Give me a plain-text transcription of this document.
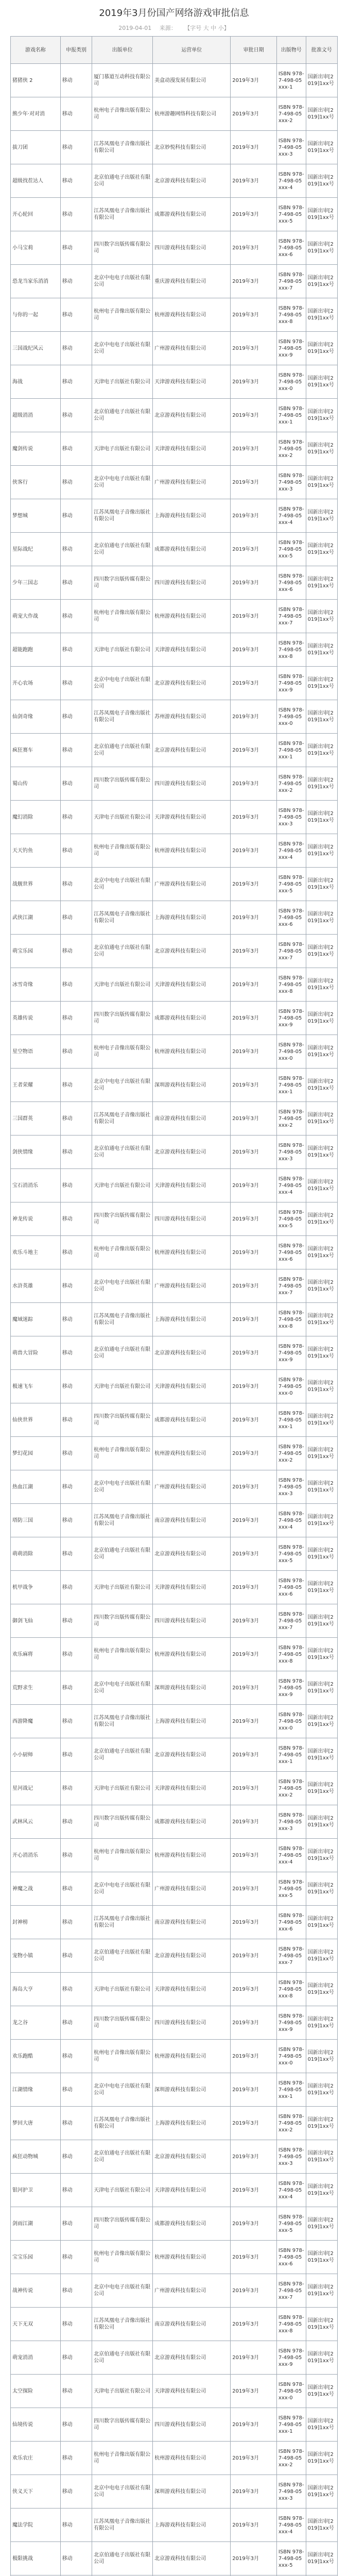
2019年3月份国产网络游戏审批信息
2019-04-01 来源： 【字号 大 中 小】

游戏名称	申报类别	出版单位	运营单位	审批日期	出版物号	批准文号
猪猪侠 2	移动	厦门慕道互动科技有限公司	美盒动漫发展有限公司	2019年3月	ISBN 978-7-498-05xxx-1	国新出审[2019]1xx号
熊少年·对对消	移动	杭州电子音像出版有限公司	杭州游趣网络科技有限公司	2019年3月	ISBN 978-7-498-05xxx-2	国新出审[2019]1xx号
拔刀团	移动	江苏凤凰电子音像出版社有限公司	北京妙悦科技有限公司	2019年3月	ISBN 978-7-498-05xxx-3	国新出审[2019]1xx号
超级找茬达人	移动	北京伯通电子出版社有限公司	北京游戏科技有限公司	2019年3月	ISBN 978-7-498-05xxx-4	国新出审[2019]1xx号
开心轮回	移动	江苏凤凰电子音像出版社有限公司	成都游戏科技有限公司	2019年3月	ISBN 978-7-498-05xxx-5	国新出审[2019]1xx号
小马宝莉	移动	四川数字出版传媒有限公司	四川游戏科技有限公司	2019年3月	ISBN 978-7-498-05xxx-6	国新出审[2019]1xx号
恐龙当家乐消消	移动	北京中电电子出版社有限公司	重庆游戏科技有限公司	2019年3月	ISBN 978-7-498-05xxx-7	国新出审[2019]1xx号
与你的一起	移动	杭州电子音像出版有限公司	杭州游戏科技有限公司	2019年3月	ISBN 978-7-498-05xxx-8	国新出审[2019]1xx号
三国战纪风云	移动	北京中电电子出版社有限公司	广州游戏科技有限公司	2019年3月	ISBN 978-7-498-05xxx-9	国新出审[2019]1xx号
海战	移动	天津电子出版社有限公司	天津游戏科技有限公司	2019年3月	ISBN 978-7-498-05xxx-0	国新出审[2019]1xx号
超级消消	移动	北京伯通电子出版社有限公司	北京游戏科技有限公司	2019年3月	ISBN 978-7-498-05xxx-1	国新出审[2019]1xx号
魔剑传说	移动	天津电子出版社有限公司	天津游戏科技有限公司	2019年3月	ISBN 978-7-498-05xxx-2	国新出审[2019]1xx号
侠客行	移动	北京中电电子出版社有限公司	广州游戏科技有限公司	2019年3月	ISBN 978-7-498-05xxx-3	国新出审[2019]1xx号
梦想城	移动	江苏凤凰电子音像出版社有限公司	上海游戏科技有限公司	2019年3月	ISBN 978-7-498-05xxx-4	国新出审[2019]1xx号
星际战纪	移动	北京伯通电子出版社有限公司	成都游戏科技有限公司	2019年3月	ISBN 978-7-498-05xxx-5	国新出审[2019]1xx号
少年三国志	移动	四川数字出版传媒有限公司	四川游戏科技有限公司	2019年3月	ISBN 978-7-498-05xxx-6	国新出审[2019]1xx号
萌宠大作战	移动	杭州电子音像出版有限公司	杭州游戏科技有限公司	2019年3月	ISBN 978-7-498-05xxx-7	国新出审[2019]1xx号
超能跑跑	移动	天津电子出版社有限公司	天津游戏科技有限公司	2019年3月	ISBN 978-7-498-05xxx-8	国新出审[2019]1xx号
开心农场	移动	北京中电电子出版社有限公司	北京游戏科技有限公司	2019年3月	ISBN 978-7-498-05xxx-9	国新出审[2019]1xx号
仙剑奇缘	移动	江苏凤凰电子音像出版社有限公司	苏州游戏科技有限公司	2019年3月	ISBN 978-7-498-05xxx-0	国新出审[2019]1xx号
疯狂赛车	移动	北京伯通电子出版社有限公司	北京游戏科技有限公司	2019年3月	ISBN 978-7-498-05xxx-1	国新出审[2019]1xx号
蜀山传	移动	四川数字出版传媒有限公司	四川游戏科技有限公司	2019年3月	ISBN 978-7-498-05xxx-2	国新出审[2019]1xx号
魔幻消除	移动	天津电子出版社有限公司	天津游戏科技有限公司	2019年3月	ISBN 978-7-498-05xxx-3	国新出审[2019]1xx号
天天钓鱼	移动	杭州电子音像出版有限公司	杭州游戏科技有限公司	2019年3月	ISBN 978-7-498-05xxx-4	国新出审[2019]1xx号
战舰世界	移动	北京中电电子出版社有限公司	广州游戏科技有限公司	2019年3月	ISBN 978-7-498-05xxx-5	国新出审[2019]1xx号
武侠江湖	移动	江苏凤凰电子音像出版社有限公司	上海游戏科技有限公司	2019年3月	ISBN 978-7-498-05xxx-6	国新出审[2019]1xx号
萌宝乐园	移动	北京伯通电子出版社有限公司	北京游戏科技有限公司	2019年3月	ISBN 978-7-498-05xxx-7	国新出审[2019]1xx号
冰雪奇缘	移动	天津电子出版社有限公司	天津游戏科技有限公司	2019年3月	ISBN 978-7-498-05xxx-8	国新出审[2019]1xx号
英雄传说	移动	四川数字出版传媒有限公司	成都游戏科技有限公司	2019年3月	ISBN 978-7-498-05xxx-9	国新出审[2019]1xx号
星空物语	移动	杭州电子音像出版有限公司	杭州游戏科技有限公司	2019年3月	ISBN 978-7-498-05xxx-0	国新出审[2019]1xx号
王者荣耀	移动	北京中电电子出版社有限公司	深圳游戏科技有限公司	2019年3月	ISBN 978-7-498-05xxx-1	国新出审[2019]1xx号
三国群英	移动	江苏凤凰电子音像出版社有限公司	南京游戏科技有限公司	2019年3月	ISBN 978-7-498-05xxx-2	国新出审[2019]1xx号
剑侠情缘	移动	北京伯通电子出版社有限公司	北京游戏科技有限公司	2019年3月	ISBN 978-7-498-05xxx-3	国新出审[2019]1xx号
宝石消消乐	移动	天津电子出版社有限公司	天津游戏科技有限公司	2019年3月	ISBN 978-7-498-05xxx-4	国新出审[2019]1xx号
神龙传说	移动	四川数字出版传媒有限公司	四川游戏科技有限公司	2019年3月	ISBN 978-7-498-05xxx-5	国新出审[2019]1xx号
欢乐斗地主	移动	杭州电子音像出版有限公司	杭州游戏科技有限公司	2019年3月	ISBN 978-7-498-05xxx-6	国新出审[2019]1xx号
水浒英雄	移动	北京中电电子出版社有限公司	广州游戏科技有限公司	2019年3月	ISBN 978-7-498-05xxx-7	国新出审[2019]1xx号
魔域迷踪	移动	江苏凤凰电子音像出版社有限公司	上海游戏科技有限公司	2019年3月	ISBN 978-7-498-05xxx-8	国新出审[2019]1xx号
萌兽大冒险	移动	北京伯通电子出版社有限公司	北京游戏科技有限公司	2019年3月	ISBN 978-7-498-05xxx-9	国新出审[2019]1xx号
极速飞车	移动	天津电子出版社有限公司	天津游戏科技有限公司	2019年3月	ISBN 978-7-498-05xxx-0	国新出审[2019]1xx号
仙侠世界	移动	四川数字出版传媒有限公司	成都游戏科技有限公司	2019年3月	ISBN 978-7-498-05xxx-1	国新出审[2019]1xx号
梦幻花园	移动	杭州电子音像出版有限公司	杭州游戏科技有限公司	2019年3月	ISBN 978-7-498-05xxx-2	国新出审[2019]1xx号
热血江湖	移动	北京中电电子出版社有限公司	广州游戏科技有限公司	2019年3月	ISBN 978-7-498-05xxx-3	国新出审[2019]1xx号
塔防三国	移动	江苏凤凰电子音像出版社有限公司	南京游戏科技有限公司	2019年3月	ISBN 978-7-498-05xxx-4	国新出审[2019]1xx号
萌萌消除	移动	北京伯通电子出版社有限公司	北京游戏科技有限公司	2019年3月	ISBN 978-7-498-05xxx-5	国新出审[2019]1xx号
机甲战争	移动	天津电子出版社有限公司	天津游戏科技有限公司	2019年3月	ISBN 978-7-498-05xxx-6	国新出审[2019]1xx号
御剑飞仙	移动	四川数字出版传媒有限公司	四川游戏科技有限公司	2019年3月	ISBN 978-7-498-05xxx-7	国新出审[2019]1xx号
欢乐麻将	移动	杭州电子音像出版有限公司	杭州游戏科技有限公司	2019年3月	ISBN 978-7-498-05xxx-8	国新出审[2019]1xx号
荒野求生	移动	北京中电电子出版社有限公司	深圳游戏科技有限公司	2019年3月	ISBN 978-7-498-05xxx-9	国新出审[2019]1xx号
西游降魔	移动	江苏凤凰电子音像出版社有限公司	上海游戏科技有限公司	2019年3月	ISBN 978-7-498-05xxx-0	国新出审[2019]1xx号
小小厨师	移动	北京伯通电子出版社有限公司	北京游戏科技有限公司	2019年3月	ISBN 978-7-498-05xxx-1	国新出审[2019]1xx号
星河战记	移动	天津电子出版社有限公司	天津游戏科技有限公司	2019年3月	ISBN 978-7-498-05xxx-2	国新出审[2019]1xx号
武林风云	移动	四川数字出版传媒有限公司	成都游戏科技有限公司	2019年3月	ISBN 978-7-498-05xxx-3	国新出审[2019]1xx号
开心消消乐	移动	杭州电子音像出版有限公司	杭州游戏科技有限公司	2019年3月	ISBN 978-7-498-05xxx-4	国新出审[2019]1xx号
神魔之战	移动	北京中电电子出版社有限公司	广州游戏科技有限公司	2019年3月	ISBN 978-7-498-05xxx-5	国新出审[2019]1xx号
封神榜	移动	江苏凤凰电子音像出版社有限公司	南京游戏科技有限公司	2019年3月	ISBN 978-7-498-05xxx-6	国新出审[2019]1xx号
宠物小镇	移动	北京伯通电子出版社有限公司	北京游戏科技有限公司	2019年3月	ISBN 978-7-498-05xxx-7	国新出审[2019]1xx号
海岛大亨	移动	天津电子出版社有限公司	天津游戏科技有限公司	2019年3月	ISBN 978-7-498-05xxx-8	国新出审[2019]1xx号
龙之谷	移动	四川数字出版传媒有限公司	四川游戏科技有限公司	2019年3月	ISBN 978-7-498-05xxx-9	国新出审[2019]1xx号
欢乐跑酷	移动	杭州电子音像出版有限公司	杭州游戏科技有限公司	2019年3月	ISBN 978-7-498-05xxx-0	国新出审[2019]1xx号
江湖情缘	移动	北京中电电子出版社有限公司	深圳游戏科技有限公司	2019年3月	ISBN 978-7-498-05xxx-1	国新出审[2019]1xx号
梦回大唐	移动	江苏凤凰电子音像出版社有限公司	上海游戏科技有限公司	2019年3月	ISBN 978-7-498-05xxx-2	国新出审[2019]1xx号
疯狂动物城	移动	北京伯通电子出版社有限公司	北京游戏科技有限公司	2019年3月	ISBN 978-7-498-05xxx-3	国新出审[2019]1xx号
银河护卫	移动	天津电子出版社有限公司	天津游戏科技有限公司	2019年3月	ISBN 978-7-498-05xxx-4	国新出审[2019]1xx号
剑雨江湖	移动	四川数字出版传媒有限公司	成都游戏科技有限公司	2019年3月	ISBN 978-7-498-05xxx-5	国新出审[2019]1xx号
宝宝乐园	移动	杭州电子音像出版有限公司	杭州游戏科技有限公司	2019年3月	ISBN 978-7-498-05xxx-6	国新出审[2019]1xx号
战神传说	移动	北京中电电子出版社有限公司	广州游戏科技有限公司	2019年3月	ISBN 978-7-498-05xxx-7	国新出审[2019]1xx号
天下无双	移动	江苏凤凰电子音像出版社有限公司	南京游戏科技有限公司	2019年3月	ISBN 978-7-498-05xxx-8	国新出审[2019]1xx号
萌宠消消	移动	北京伯通电子出版社有限公司	北京游戏科技有限公司	2019年3月	ISBN 978-7-498-05xxx-9	国新出审[2019]1xx号
太空探险	移动	天津电子出版社有限公司	天津游戏科技有限公司	2019年3月	ISBN 978-7-498-05xxx-0	国新出审[2019]1xx号
仙境传说	移动	四川数字出版传媒有限公司	四川游戏科技有限公司	2019年3月	ISBN 978-7-498-05xxx-1	国新出审[2019]1xx号
欢乐农庄	移动	杭州电子音像出版有限公司	杭州游戏科技有限公司	2019年3月	ISBN 978-7-498-05xxx-2	国新出审[2019]1xx号
侠义天下	移动	北京中电电子出版社有限公司	深圳游戏科技有限公司	2019年3月	ISBN 978-7-498-05xxx-3	国新出审[2019]1xx号
魔法学院	移动	江苏凤凰电子音像出版社有限公司	上海游戏科技有限公司	2019年3月	ISBN 978-7-498-05xxx-4	国新出审[2019]1xx号
极限挑战	移动	北京伯通电子出版社有限公司	北京游戏科技有限公司	2019年3月	ISBN 978-7-498-05xxx-5	国新出审[2019]1xx号
